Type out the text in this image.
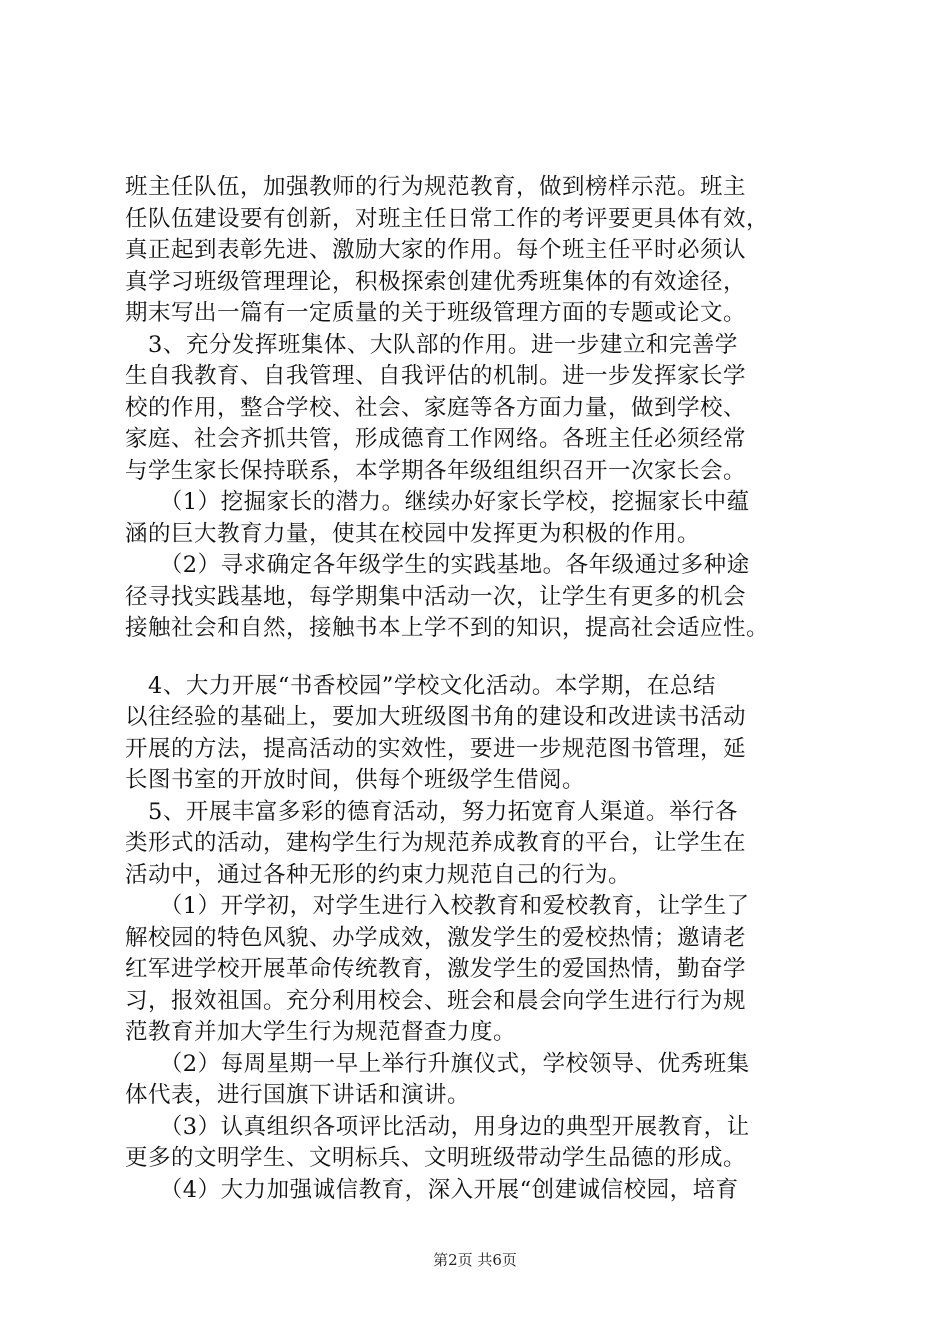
班主任队伍，加强教师的行为规范教育，做到榜样示范。班主
任队伍建设要有创新，对班主任日常工作的考评要更具体有效，
真正起到表彰先进、激励大家的作用。每个班主任平时必须认
真学习班级管理理论，积极探索创建优秀班集体的有效途径，
期末写出一篇有一定质量的关于班级管理方面的专题或论文。
　3、充分发挥班集体、大队部的作用。进一步建立和完善学
生自我教育、自我管理、自我评估的机制。进一步发挥家长学
校的作用，整合学校、社会、家庭等各方面力量，做到学校、
家庭、社会齐抓共管，形成德育工作网络。各班主任必须经常
与学生家长保持联系，本学期各年级组组织召开一次家长会。
　　（1）挖掘家长的潜力。继续办好家长学校，挖掘家长中蕴
涵的巨大教育力量，使其在校园中发挥更为积极的作用。
　　（2）寻求确定各年级学生的实践基地。各年级通过多种途
径寻找实践基地，每学期集中活动一次，让学生有更多的机会
接触社会和自然，接触书本上学不到的知识，提高社会适应性。
　4、大力开展“书香校园”学校文化活动。本学期，在总结
以往经验的基础上，要加大班级图书角的建设和改进读书活动
开展的方法，提高活动的实效性，要进一步规范图书管理，延
长图书室的开放时间，供每个班级学生借阅。
　5、开展丰富多彩的德育活动，努力拓宽育人渠道。举行各
类形式的活动，建构学生行为规范养成教育的平台，让学生在
活动中，通过各种无形的约束力规范自己的行为。
　　（1）开学初，对学生进行入校教育和爱校教育，让学生了
解校园的特色风貌、办学成效，激发学生的爱校热情；邀请老
红军进学校开展革命传统教育，激发学生的爱国热情，勤奋学
习，报效祖国。充分利用校会、班会和晨会向学生进行行为规
范教育并加大学生行为规范督查力度。
　　（2）每周星期一早上举行升旗仪式，学校领导、优秀班集
体代表，进行国旗下讲话和演讲。
　　（3）认真组织各项评比活动，用身边的典型开展教育，让
更多的文明学生、文明标兵、文明班级带动学生品德的形成。
　　（4）大力加强诚信教育，深入开展“创建诚信校园，培育
第2页 共6页
